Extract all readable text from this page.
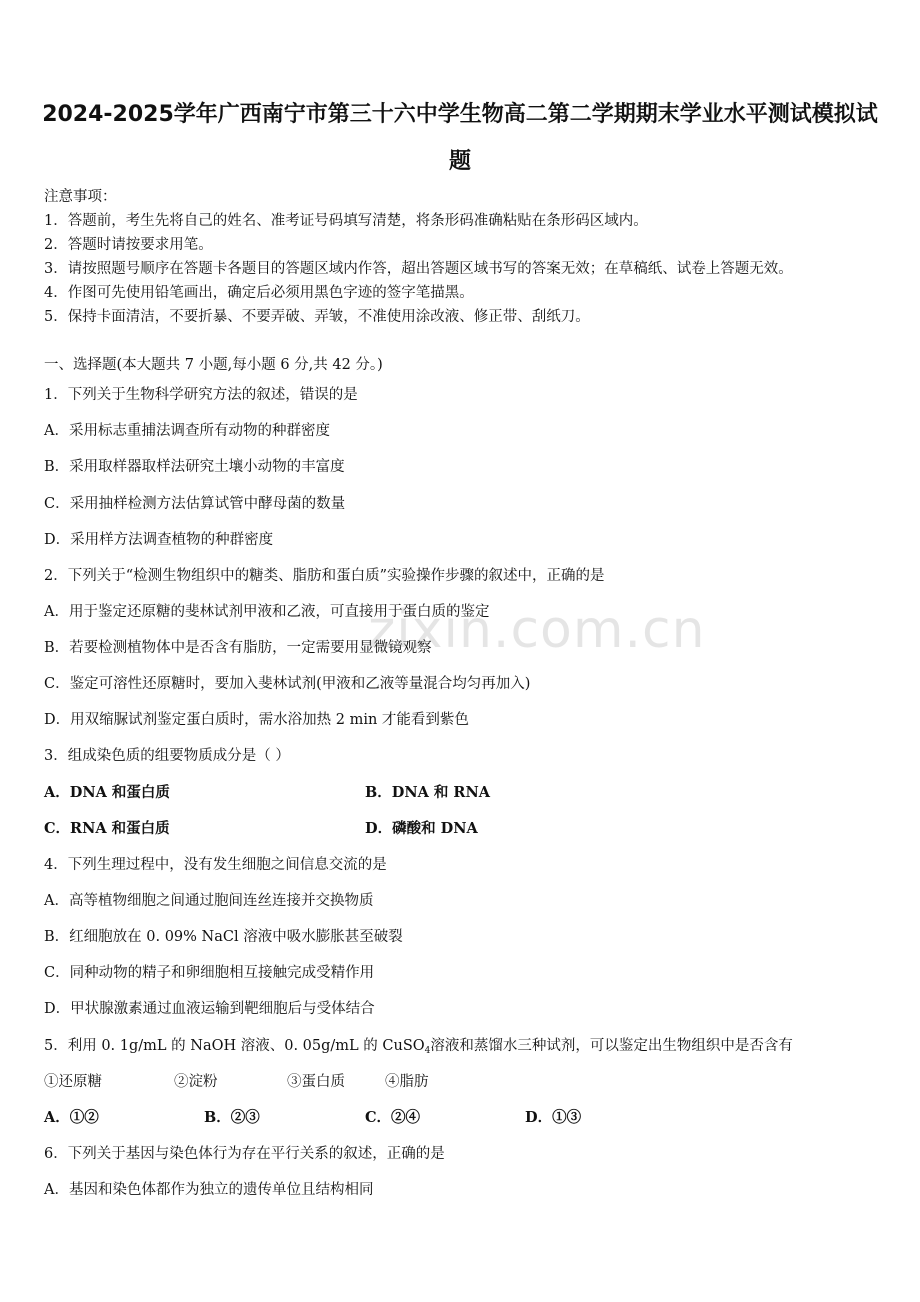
2024-2025学年广西南宁市第三十六中学生物高二第二学期期末学业水平测试模拟试
题
zixin.com.cn
注意事项：
1．答题前，考生先将自己的姓名、准考证号码填写清楚，将条形码准确粘贴在条形码区域内。
2．答题时请按要求用笔。
3．请按照题号顺序在答题卡各题目的答题区域内作答，超出答题区域书写的答案无效；在草稿纸、试卷上答题无效。
4．作图可先使用铅笔画出，确定后必须用黑色字迹的签字笔描黑。
5．保持卡面清洁，不要折暴、不要弄破、弄皱，不准使用涂改液、修正带、刮纸刀。
一、选择题(本大题共 7 小题,每小题 6 分,共 42 分。)
1．下列关于生物科学研究方法的叙述，错误的是
A．采用标志重捕法调查所有动物的种群密度
B．采用取样器取样法研究土壤小动物的丰富度
C．采用抽样检测方法估算试管中酵母菌的数量
D．采用样方法调查植物的种群密度
2．下列关于“检测生物组织中的糖类、脂肪和蛋白质”实验操作步骤的叙述中，正确的是
A．用于鉴定还原糖的斐林试剂甲液和乙液，可直接用于蛋白质的鉴定
B．若要检测植物体中是否含有脂肪，一定需要用显微镜观察
C．鉴定可溶性还原糖时，要加入斐林试剂(甲液和乙液等量混合均匀再加入)
D．用双缩脲试剂鉴定蛋白质时，需水浴加热 2 min 才能看到紫色
3．组成染色质的组要物质成分是（ ）
A．DNA 和蛋白质	B．DNA 和 RNA
C．RNA 和蛋白质	D．磷酸和 DNA
4．下列生理过程中，没有发生细胞之间信息交流的是
A．高等植物细胞之间通过胞间连丝连接并交换物质
B．红细胞放在 0. 09% NaCl 溶液中吸水膨胀甚至破裂
C．同种动物的精子和卵细胞相互接触完成受精作用
D．甲状腺激素通过血液运输到靶细胞后与受体结合
5．利用 0. 1g/mL 的 NaOH 溶液、0. 05g/mL 的 CuSO$_4$溶液和蒸馏水三种试剂，可以鉴定出生物组织中是否含有
①还原糖	②淀粉	③蛋白质	④脂肪
A．①②	B．②③	C．②④	D．①③
6．下列关于基因与染色体行为存在平行关系的叙述，正确的是
A．基因和染色体都作为独立的遗传单位且结构相同
